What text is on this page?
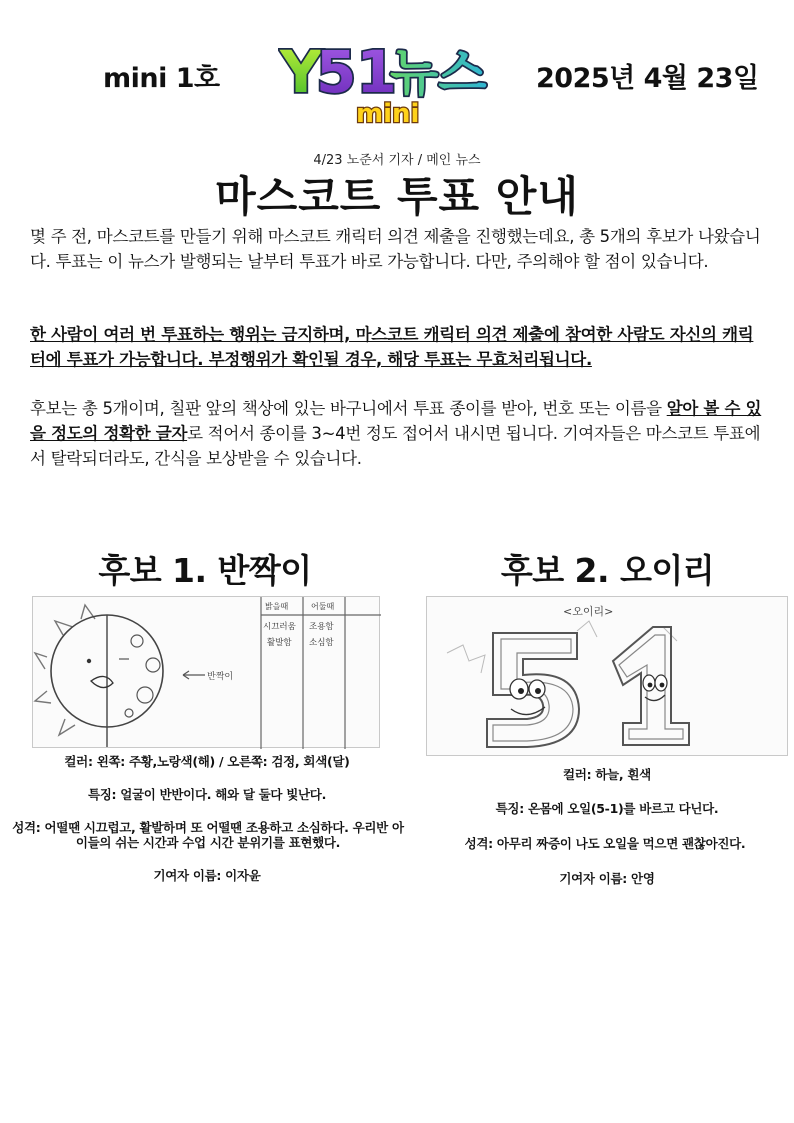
mini 1호 Y
51
뉴스
mini
2025년 4월 23일
4/23 노준서 기자 / 메인 뉴스
마스코트 투표 안내
몇 주 전, 마스코트를 만들기 위해 마스코트 캐릭터 의견 제출을 진행했는데요, 총 5개의 후보가 나왔습니다. 투표는 이 뉴스가 발행되는 날부터 투표가 바로 가능합니다. 다만, 주의해야 할 점이 있습니다.
한 사람이 여러 번 투표하는 행위는 금지하며, 마스코트 캐릭터 의견 제출에 참여한 사람도 자신의 캐릭터에 투표가 가능합니다. 부정행위가 확인될 경우, 해당 투표는 무효처리됩니다.
후보는 총 5개이며, 칠판 앞의 책상에 있는 바구니에서 투표 종이를 받아, 번호 또는 이름을 알아 볼 수 있을 정도의 정확한 글자로 적어서 종이를 3~4번 정도 접어서 내시면 됩니다. 기여자들은 마스코트 투표에서 탈락되더라도, 간식을 보상받을 수 있습니다.
후보 1. 반짝이
반짝이
밝을때	어둘때
시끄러움
활발함
조용함
소심함
컬러: 왼쪽: 주황,노랑색(해) / 오른쪽: 검정, 회색(달)
특징: 얼굴이 반반이다. 해와 달 둘다 빛난다.
성격: 어떨땐 시끄럽고, 활발하며 또 어떨땐 조용하고 소심하다. 우리반 아이들의 쉬는 시간과 수업 시간 분위기를 표현했다.
기여자 이름: 이자윤
후보 2. 오이리
<오이리>
컬러: 하늘, 흰색
특징: 온몸에 오일(5-1)를 바르고 다닌다.
성격: 아무리 짜증이 나도 오일을 먹으면 괜찮아진다.
기여자 이름: 안영
